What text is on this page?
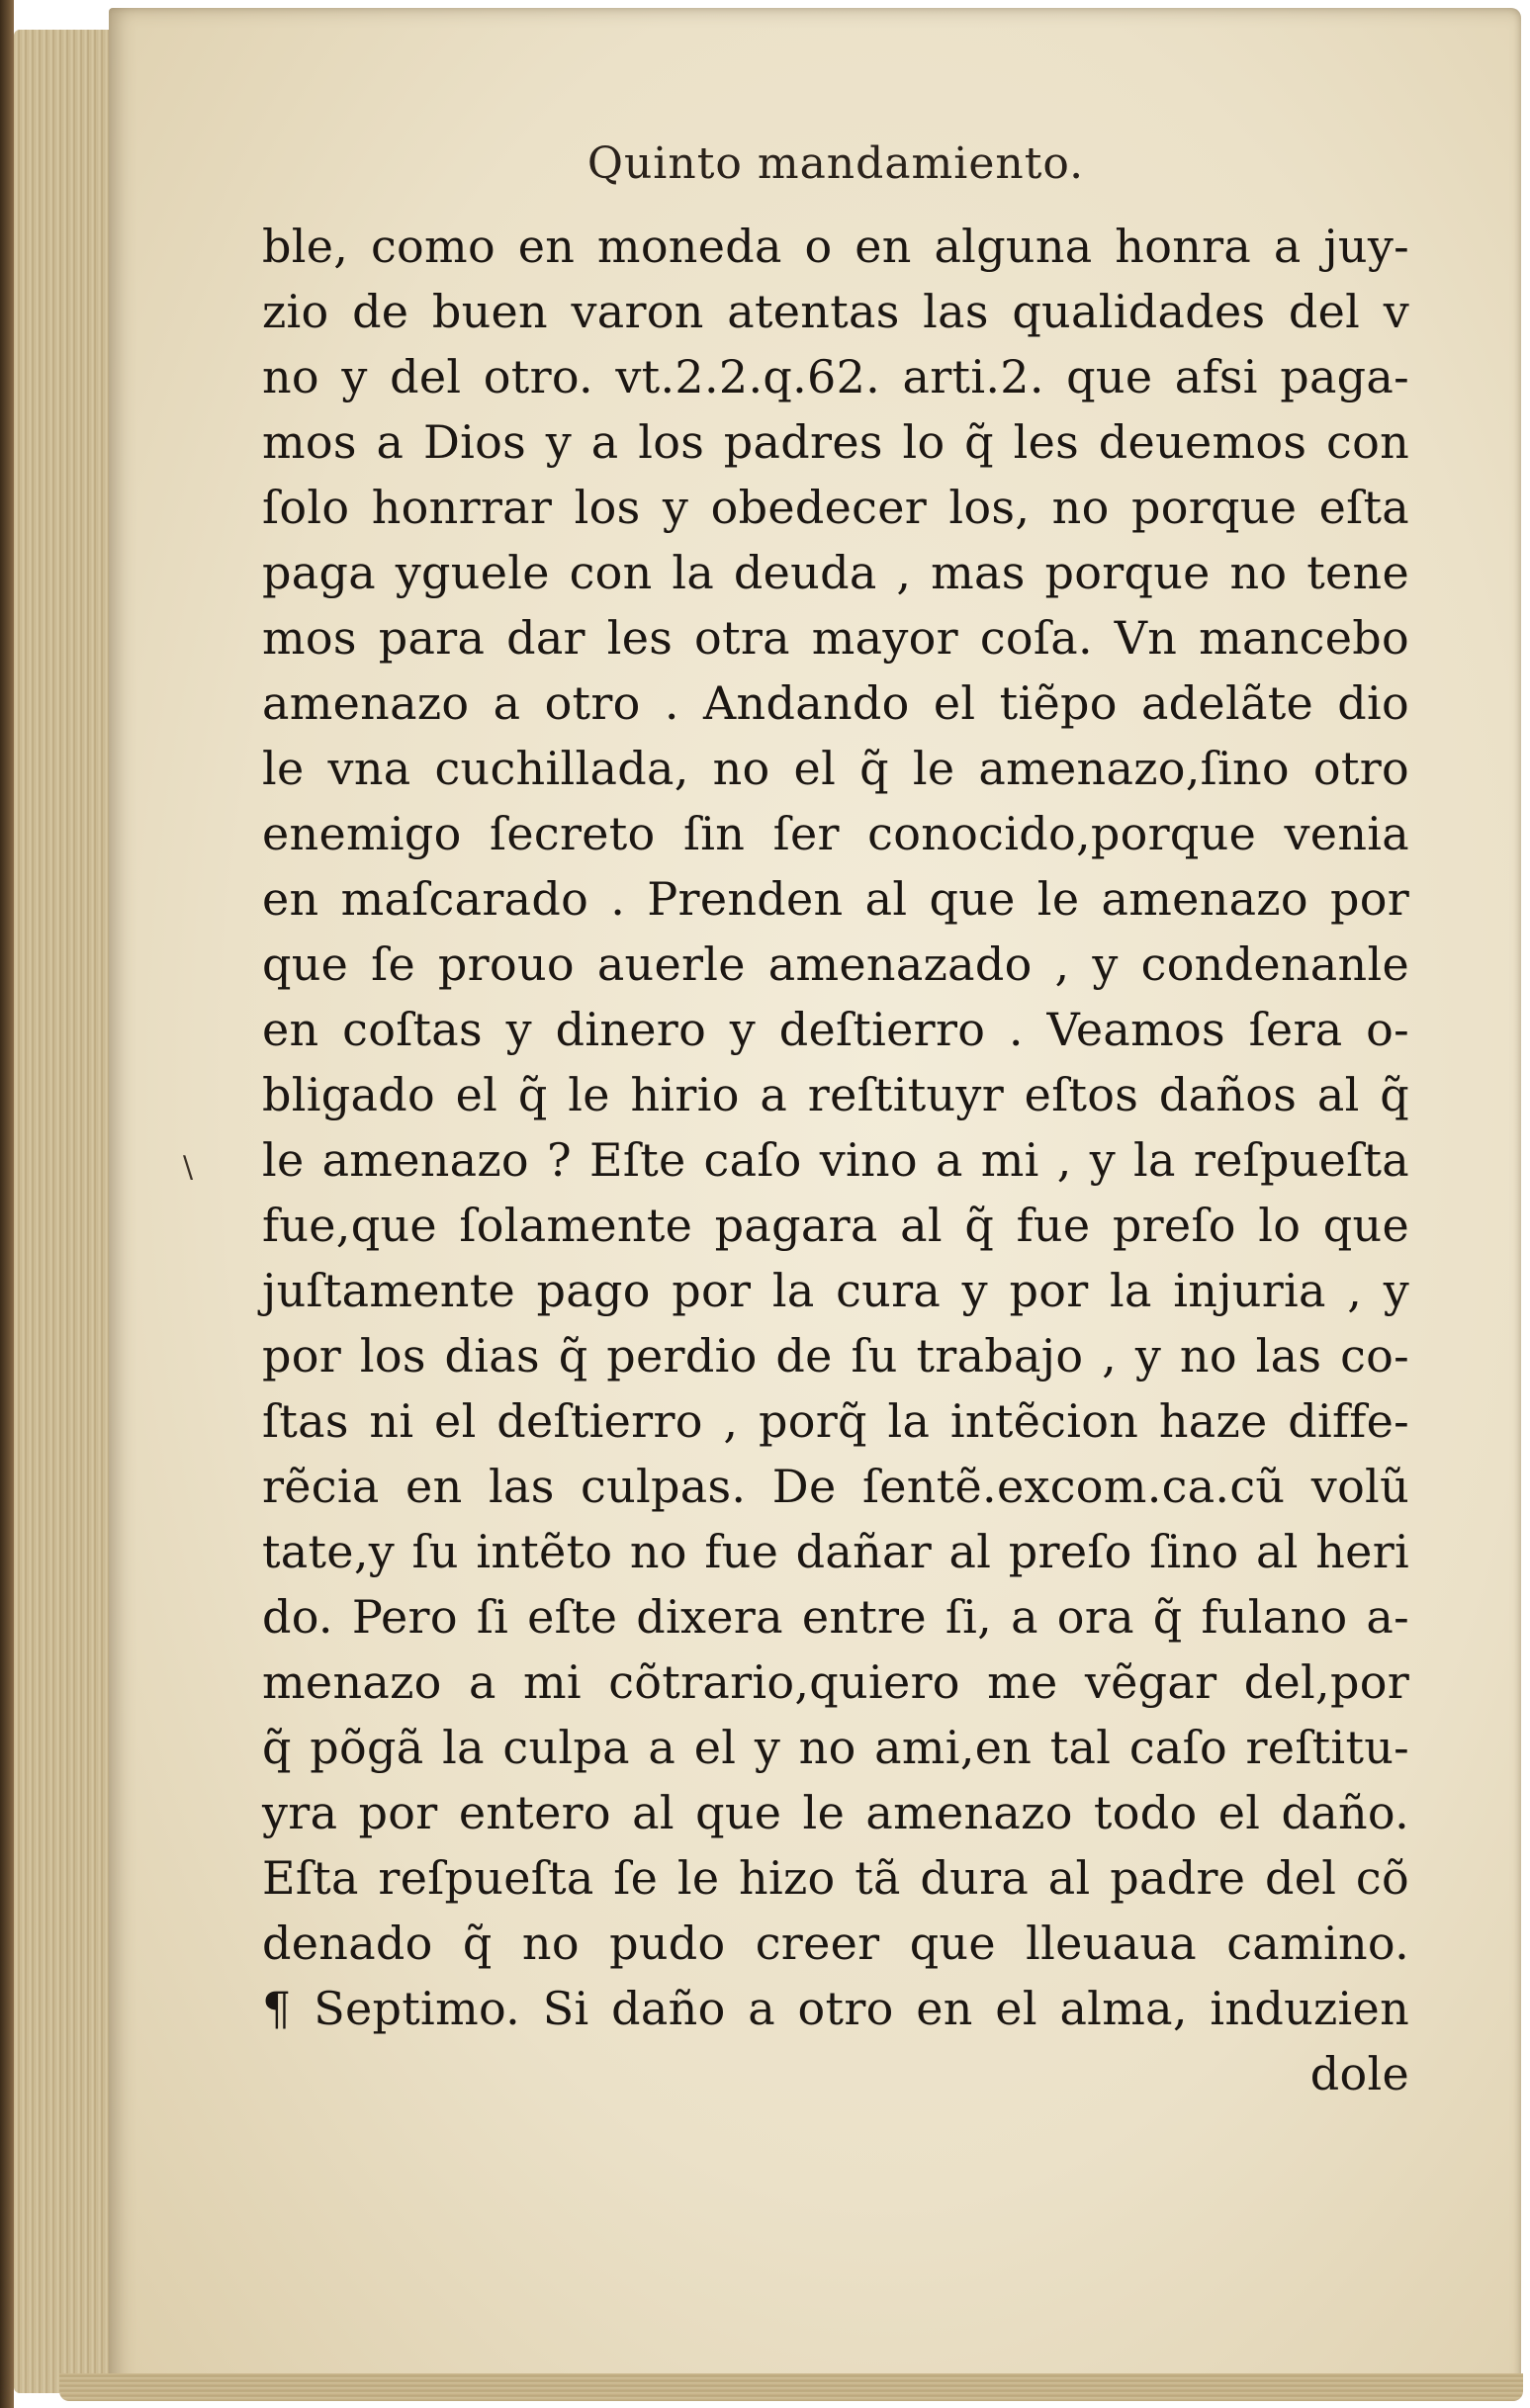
\
Quinto mandamiento.
ble, como en moneda o en alguna honra a juy-
zio de buen varon atentas las qualidades del v
no y del otro. vt.2.2.q.62. arti.2. que afsi paga-
mos a Dios y a los padres lo q̃ les deuemos con
ſolo honrrar los y obedecer los, no porque eſta
paga yguele con la deuda , mas porque no tene
mos para dar les otra mayor coſa. Vn mancebo
amenazo a otro . Andando el tiẽpo adelãte dio
le vna cuchillada, no el q̃ le amenazo,ſino otro
enemigo ſecreto ſin ſer conocido,porque venia
en maſcarado . Prenden al que le amenazo por
que ſe prouo auerle amenazado , y condenanle
en coſtas y dinero y deſtierro . Veamos ſera o-
bligado el q̃ le hirio a reſtituyr eſtos daños al q̃
le amenazo ? Eſte caſo vino a mi , y la reſpueſta
fue,que ſolamente pagara al q̃ fue preſo lo que
juſtamente pago por la cura y por la injuria , y
por los dias q̃ perdio de ſu trabajo , y no las co-
ſtas ni el deſtierro , porq̃ la intẽcion haze diffe-
rẽcia en las culpas. De ſentẽ.excom.ca.cũ volũ
tate,y ſu intẽto no fue dañar al preſo ſino al heri
do. Pero ſi eſte dixera entre ſi, a ora q̃ fulano a-
menazo a mi cõtrario,quiero me vẽgar del,por
q̃ põgã la culpa a el y no ami,en tal caſo reſtitu-
yra por entero al que le amenazo todo el daño.
Eſta reſpueſta ſe le hizo tã dura al padre del cõ
denado q̃ no pudo creer que lleuaua camino.
¶ Septimo. Si daño a otro en el alma, induzien
dole
